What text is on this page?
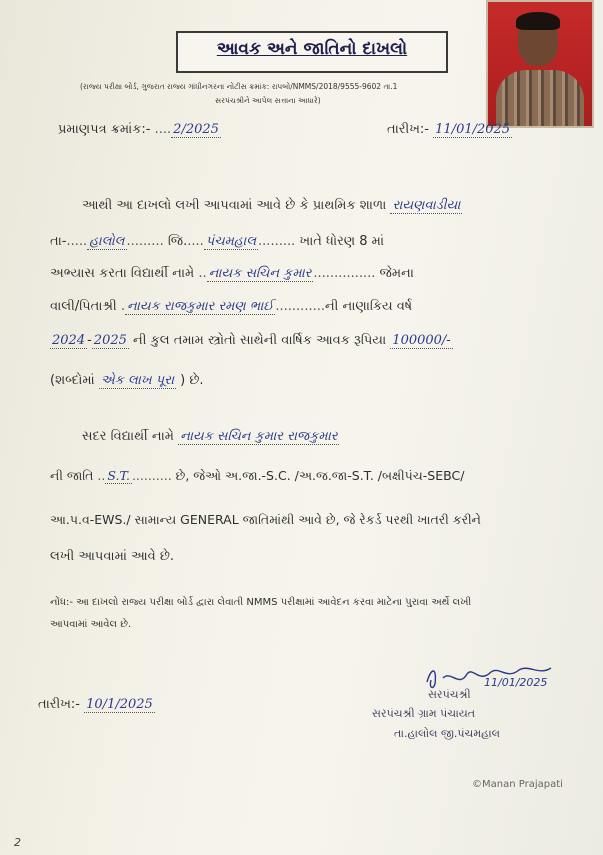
આવક અને જાતિનો દાખલો
(રાજ્ય પરીક્ષા બોર્ડ, ગુજરાત રાજ્ય ગાંધીનગરના નોટીસ ક્રમાંક: રાપબો/NMMS/2018/9555-9602 તા.1
સરપંચશ્રીને આપેલ સત્તાના આધારે)
પ્રમાણપત્ર ક્રમાંક:- .... 2/2025	તારીખ:- 11/01/2025
આથી આ દાખલો લખી આપવામાં આવે છે કે પ્રાથમિક શાળા રાયણવાડીયા
તા-..... હાલોલ ......... જિ..... પંચમહાલ ......... ખાતે ધોરણ 8 માં
અભ્યાસ કરતા વિદ્યાર્થી નામે .. નાયક સચિન કુમાર ............... જેમના
વાલી/પિતાશ્રી . નાયક રાજકુમાર રમણ ભાઈ ............ની નાણાકિય વર્ષ
2024 - 2025 ની કુલ તમામ સ્ત્રોતો સાથેની વાર્ષિક આવક રૂપિયા 100000/-
(શબ્દોમાં એક લાખ પૂરા ) છે.
સદર વિદ્યાર્થી નામે નાયક સચિન કુમાર રાજકુમાર
ની જાતિ .. S.T. .......... છે, જેઓ અ.જા.-S.C. /અ.જ.જા-S.T. /બક્ષીપંચ-SEBC/
આ.પ.વ-EWS./ સામાન્ય GENERAL જાતિમાંથી આવે છે, જે રેકર્ડ પરથી ખાતરી કરીને
લખી આપવામાં આવે છે.
નોંધ:- આ દાખલો રાજ્ય પરીક્ષા બોર્ડ દ્વારા લેવાતી NMMS પરીક્ષામાં આવેદન કરવા માટેના પુરાવા અર્થે લખી
આપવામાં આવેલ છે.
તારીખ:- 10/1/2025
11/01/2025
સરપંચશ્રી
સરપંચશ્રી ગ્રામ પંચાયત
તા.હાલોલ જી.પંચમહાલ
©Manan Prajapati
2
